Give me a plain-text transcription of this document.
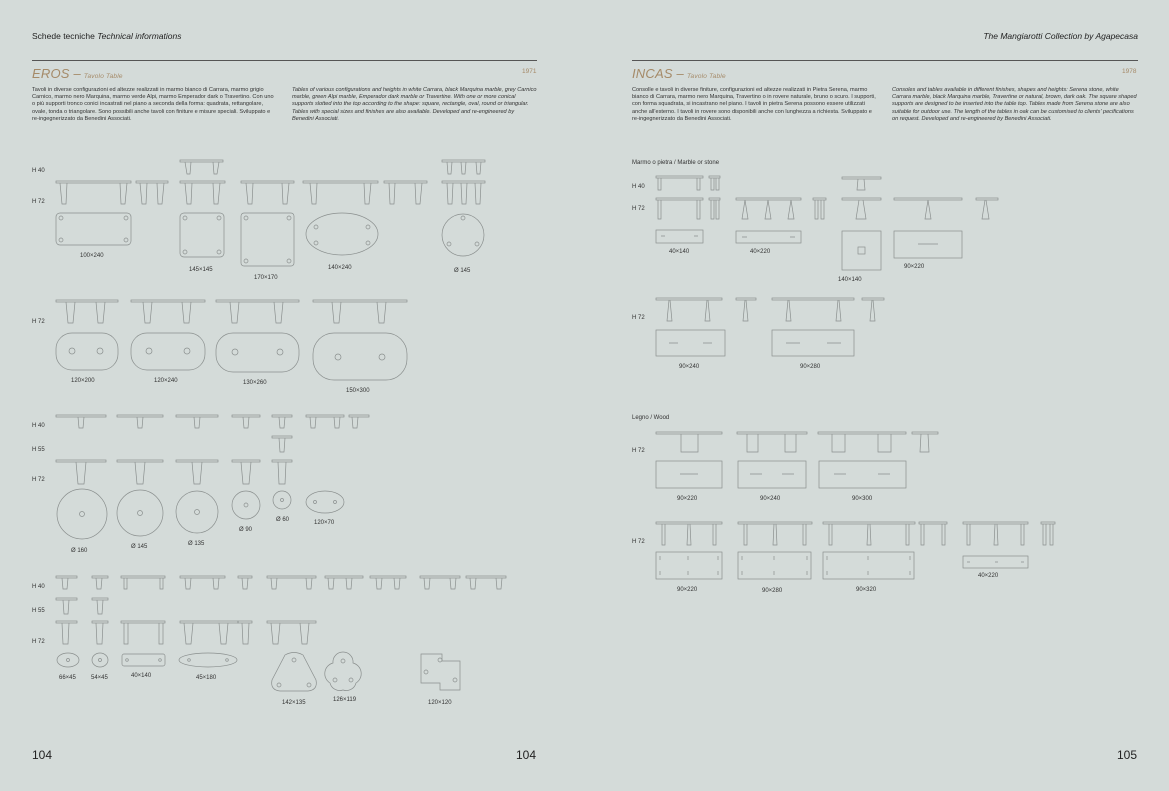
Schede tecniche Technical informations	The Mangiarotti Collection by Agapecasa
EROS – Tavolo Table
1971
Tavoli in diverse configurazioni ed altezze realizzati in marmo bianco di Carrara, marmo grigio Carnico, marmo nero Marquina, marmo verde Alpi, marmo Emperador dark o Travertino. Con uno o più supporti tronco conici incastrati nel piano a seconda della forma: quadrata, rettangolare, ovale, tonda o triangolare. Sono possibili anche tavoli con finiture e misure speciali. Sviluppato e re-ingegnerizzato da Benedini Associati.
Tables of various configurations and heights in white Carrara, black Marquina marble, grey Carnico marble, green Alpi marble, Emperador dark marble or Travertine. With one or more conical supports slotted into the top according to the shape: square, rectangle, oval, round or triangular. Tables with special sizes and finishes are also available. Developed and re-engineered by Benedini Associati.
INCAS – Tavolo Table
1978
Consolle e tavoli in diverse finiture, configurazioni ed altezze realizzati in Pietra Serena, marmo bianco di Carrara, marmo nero Marquina, Travertino o in rovere naturale, bruno o scuro. I supporti, con forma squadrata, si incastrano nel piano. I tavoli in pietra Serena possono essere utilizzati anche all'esterno. I tavoli in rovere sono disponibili anche con lunghezza a richiesta. Sviluppato e re-ingegnerizzato da Benedini Associati.
Consoles and tables available in different finishes, shapes and heights: Serena stone, white Carrara marble, black Marquina marble, Travertine or natural, brown, dark oak. The square shaped supports are designed to be inserted into the table top. Tables made from Serena stone are also suitable for outdoor use. The length of the tables in oak can be customised to clients' pecifications on request. Developed and re-engineered by Benedini Associati.
H 40
H 72
H 72
H 40
H 55
H 72
H 40
H 55
H 72
100×240
145×145
170×170
140×240	Ø 145
120×200	120×240	130×260
150×300
Ø 160
Ø 145	Ø 135
Ø 90
Ø 60	120×70
66×45	54×45	40×140	45×180
142×135	126×119	120×120
Marmo o pietra / Marble or stone
Legno / Wood
H 40
H 72
H 72
H 72
H 72
40×140	40×220
140×140
90×220
90×240	90×280
90×220	90×240	90×300
90×220	90×280	90×320
40×220
104	104	105
